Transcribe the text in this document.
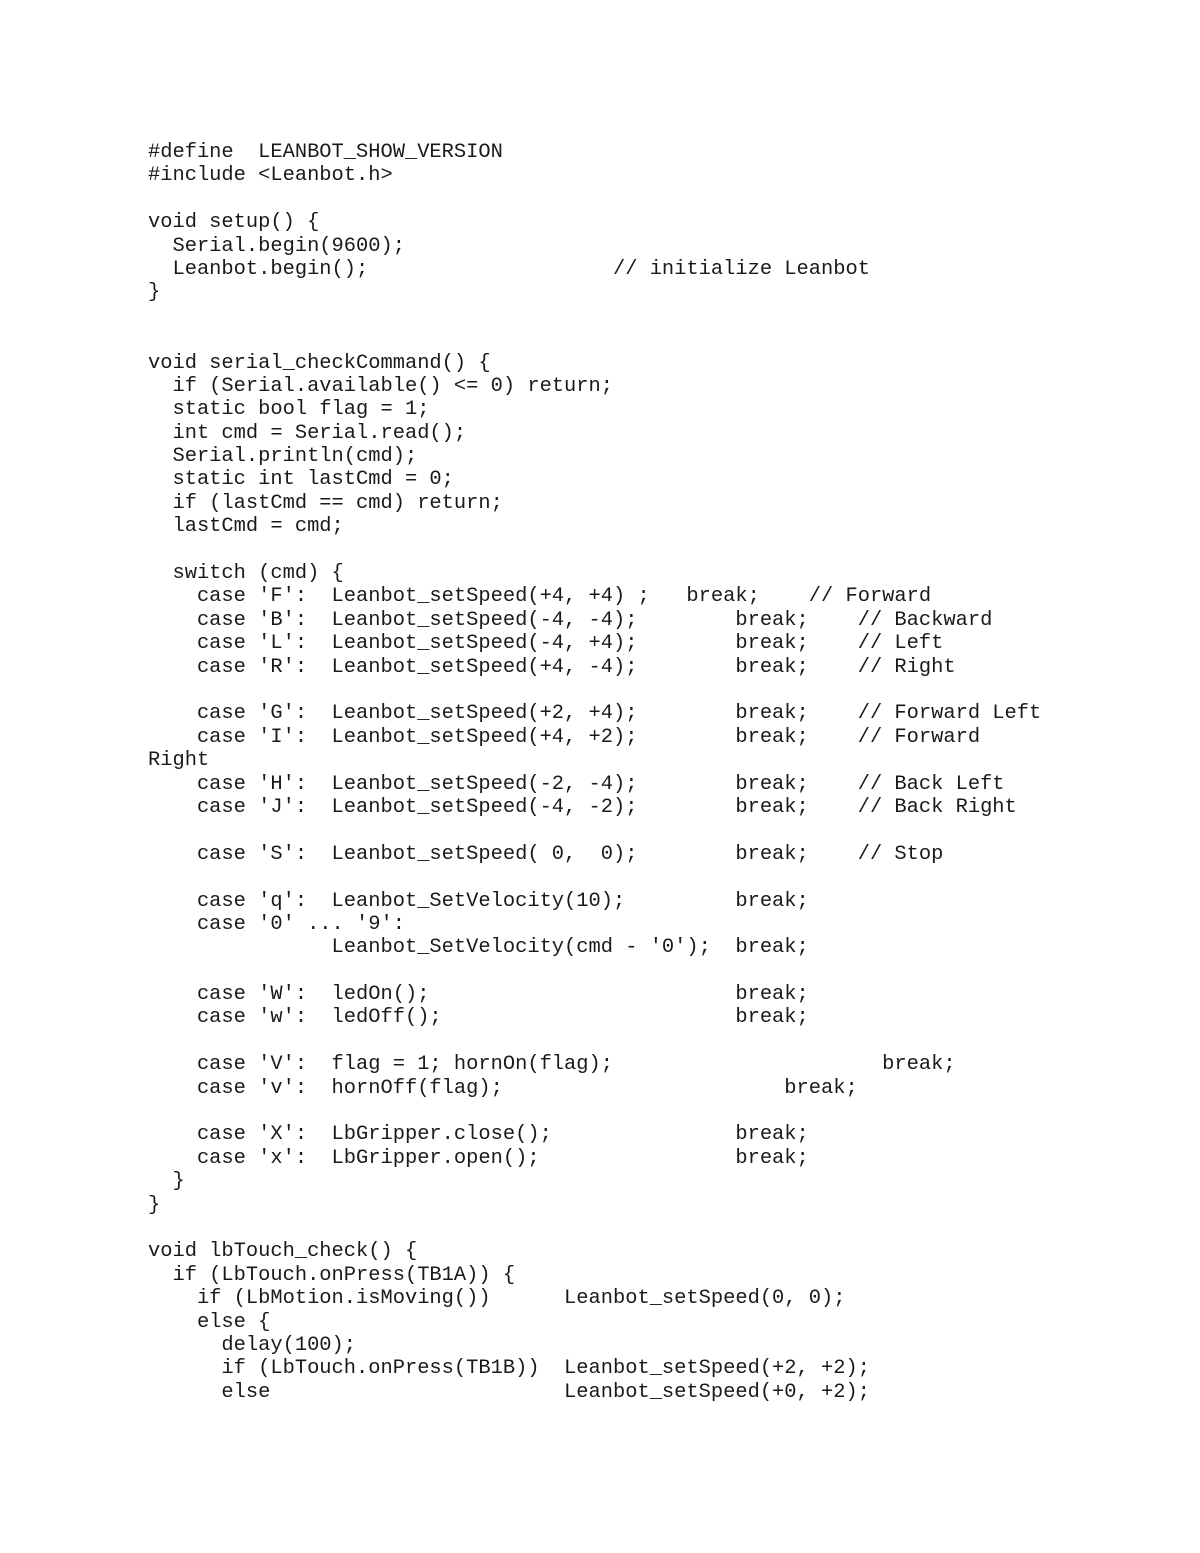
#define  LEANBOT_SHOW_VERSION
#include <Leanbot.h>
void setup() {
Serial.begin(9600);
Leanbot.begin();                    // initialize Leanbot
}
void serial_checkCommand() {
if (Serial.available() <= 0) return;
static bool flag = 1;
int cmd = Serial.read();
Serial.println(cmd);
static int lastCmd = 0;
if (lastCmd == cmd) return;
lastCmd = cmd;
switch (cmd) {
case 'F':  Leanbot_setSpeed(+4, +4) ;   break;    // Forward
case 'B':  Leanbot_setSpeed(-4, -4);        break;    // Backward
case 'L':  Leanbot_setSpeed(-4, +4);        break;    // Left
case 'R':  Leanbot_setSpeed(+4, -4);        break;    // Right
case 'G':  Leanbot_setSpeed(+2, +4);        break;    // Forward Left
case 'I':  Leanbot_setSpeed(+4, +2);        break;    // Forward
Right
case 'H':  Leanbot_setSpeed(-2, -4);        break;    // Back Left
case 'J':  Leanbot_setSpeed(-4, -2);        break;    // Back Right
case 'S':  Leanbot_setSpeed( 0,  0);        break;    // Stop
case 'q':  Leanbot_SetVelocity(10);         break;
case '0' ... '9':
Leanbot_SetVelocity(cmd - '0');  break;
case 'W':  ledOn();                         break;
case 'w':  ledOff();                        break;
case 'V':  flag = 1; hornOn(flag);                      break;
case 'v':  hornOff(flag);                       break;
case 'X':  LbGripper.close();               break;
case 'x':  LbGripper.open();                break;
}
}
void lbTouch_check() {
if (LbTouch.onPress(TB1A)) {
if (LbMotion.isMoving())      Leanbot_setSpeed(0, 0);
else {
delay(100);
if (LbTouch.onPress(TB1B))  Leanbot_setSpeed(+2, +2);
else                        Leanbot_setSpeed(+0, +2);
